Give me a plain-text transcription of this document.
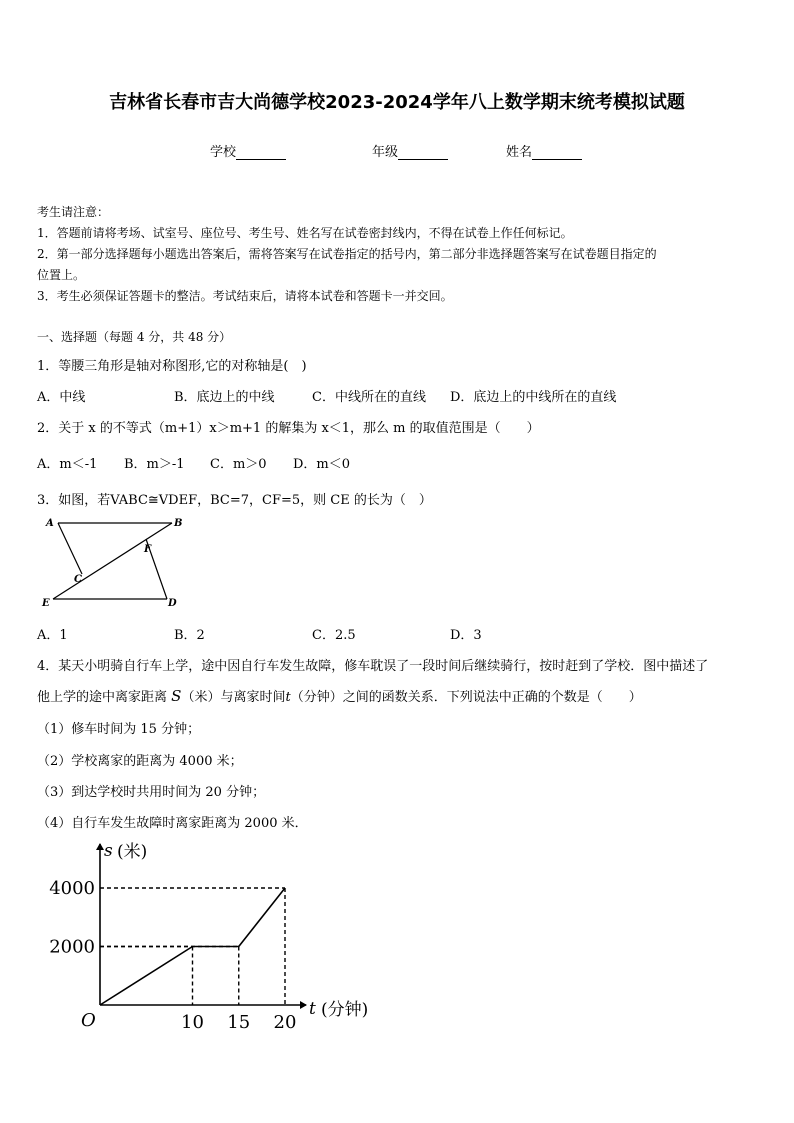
吉林省长春市吉大尚德学校2023-2024学年八上数学期末统考模拟试题
学校	年级	姓名
考生请注意：
1．答题前请将考场、试室号、座位号、考生号、姓名写在试卷密封线内，不得在试卷上作任何标记。
2．第一部分选择题每小题选出答案后，需将答案写在试卷指定的括号内，第二部分非选择题答案写在试卷题目指定的
位置上。
3．考生必须保证答题卡的整洁。考试结束后，请将本试卷和答题卡一并交回。
一、选择题（每题 4 分，共 48 分）
1．等腰三角形是轴对称图形,它的对称轴是(　)
A．中线	B．底边上的中线	C．中线所在的直线 D．底边上的中线所在的直线
2．关于 x 的不等式（m+1）x＞m+1 的解集为 x＜1，那么 m 的取值范围是（　　）
A．m＜-1 B．m＞-1 C．m＞0 D．m＜0
3．如图，若VABC≅VDEF，BC=7，CF=5，则 CE 的长为（　）
A	B
F
C
E	D
A．1	B．2	C．2.5	D．3
4．某天小明骑自行车上学，途中因自行车发生故障，修车耽误了一段时间后继续骑行，按时赶到了学校．图中描述了
他上学的途中离家距离 S（米）与离家时间t（分钟）之间的函数关系．下列说法中正确的个数是（　　）
（1）修车时间为 15 分钟；
（2）学校离家的距离为 4000 米；
（3）到达学校时共用时间为 20 分钟；
（4）自行车发生故障时离家距离为 2000 米．
10 15 20
2000
4000
s (米)
t (分钟)
O
